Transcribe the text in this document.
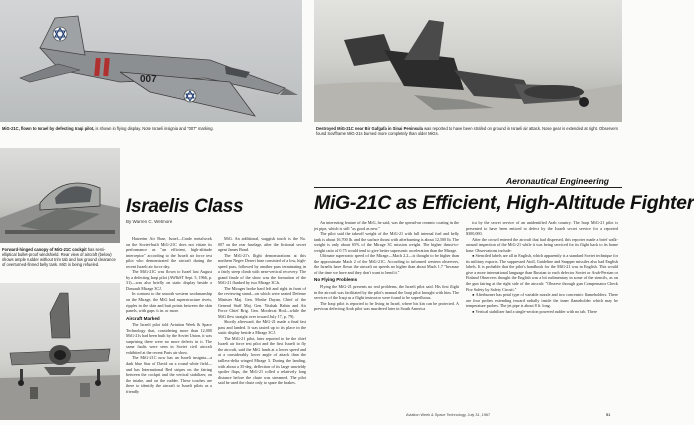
007
MiG-21C, flown to Israel by defecting Iraqi pilot, is shown in flying display. Note Israeli insignia and "007" marking.	Destroyed MiG-21C near Bir Gafgafa in Sinai Peninsula was reported to have been strafed on ground in Israeli air attack. Nose gear is extended at right. Observers found Sovfframe MiG-21s burned more completely than older MiGs.
Israelis Class
By Warren C. Wetmore
Aeronautical Engineering
MiG-21C as Efficient, High-Altitude Fighter
Forward-hinged canopy of MiG-21C cockpit has semi-elliptical bullet-proof windshield. Rear view of aircraft (below) shows ample rudder without trim tab and low ground clearance of overturned-finned belly tank. MiG is being refueled.

Hatzerim Air Base, Israel—Crude metalwork on the Soviet-built MiG-21C does not vitiate its performance as "an efficient, high-altitude interceptor" according to the Israeli air force test pilot who demonstrated the aircraft during the recent Israeli air force day.

The MiG-21C was flown to Israel last August by a defecting Iraqi pilot (AW&ST Sept. 5, 1966, p. 31)—was also briefly on static display beside a Dassault Mirage 3CJ.

In contrast to the smooth western workmanship on the Mirage, the MiG had superstructure rivets, ripples in the skin and butt points between the skin panels, with gaps ¼ in. or more.

Aircraft Marked

The Israeli pilot told Aviation Week & Space Technology that, considering more than 12,000 MiG-21s had been built by the Soviet Union, it was surprising there were no more defects in it. The same faults were seen in Soviet civil aircraft exhibited at the recent Paris air show.

The MiG-21C now has an Israeli insignia—a dark blue Star of David on a round white field—and has International Red stripes on the fairing between the cockpit and the vertical stabilizer, on the intake, and on the rudder. These touches are there to identify the aircraft to Israeli pilots as a friendly

MiG. An additional, waggish touch is the No. 007 on the rear fuselage, after the fictional secret agent James Bond.

The MiG-21's flight demonstrations at this northern Negev Desert base consisted of a low, high-speed pass, followed by another pass terminating in a fairly steep climb with near-vertical recovery. The grand finale of the show was the formation of the MiG-21 flanked by two Mirage 3CJs.

The Mirages broke hard left and right in front of the reviewing stand—on which were seated Defense Minister Maj. Gen. Moshe Dayan, Chief of the General Staff Maj. Gen. Yitzhak Rabin and Air Force Chief Brig. Gen. Mordecai Hod—while the MiG flew straight over toward July 17, p. 79).

Shortly afterward, the MiG-21 made a final fast pass and landed. It was taxied up to its place in the static display beside a Mirage 3CJ.

The MiG-21 pilot, later reported to be the chief Israeli air force test pilot and the first Israeli to fly the aircraft, said the MiG lands at a lower speed and at a considerably lower angle of attack than the tailless-delta winged Mirage 3. During the landing, with about a 35-deg. deflection of its large unwieldy spoiler flaps, the MiG-21 rolled a relatively long distance before the chute was streamed. The pilot said he used the chute only to spare the brakes.

An interesting feature of the MiG, he said, was the spread-on ceramic coating in the jet pipe, which is still "as good as new."

The pilot said the takeoff weight of the MiG-21 with full internal fuel and belly tank is about 16,700 lb. and the surface thrust with afterburning is about 12,500 lb. The weight is only about 65% of the Mirage 3C mission weight. The higher thrust-to-weight ratio of 0.75 would tend to give better supersonic acceleration than the Mirage.

Ultimate supersonic speed of the Mirage—Mach 2.2—is thought to be higher than the approximate Mach 2 of the MiG-21C. According to informed western observers, the Israelis have flown the aircraft on speeds no higher than about Mach 1.7 "because of the time we have and they don't want to bend it."

No Flying Problems

Flying the MiG-21 presents no real problems, the Israeli pilot said. His first flight in the aircraft was facilitated by the pilot's manual the Iraqi pilot brought with him. The services of the Iraqi as a flight instructor were found to be superfluous.

The Iraqi pilot is reported to be living in Israel, where his kin can be protected. A previous defecting Arab pilot was murdered later in South America

ica by the secret service of an unidentified Arab country. The Iraqi MiG-21 pilot is presented to have been enticed to defect by the Israeli secret service for a reported $300,000.

After the crowd entered the aircraft that had dispersed, this reporter made a brief walk-around inspection of the MiG-21 while it was being serviced for its flight back to its home base. Observations include:

● Stenciled labels are all in English, which apparently is a standard Soviet technique for its military exports. The suppressed Atoll, Guideline and Snapper missiles also had English labels. It is probable that the pilot's handbook for the MiG-21 was in English. This would give a more international language than Russian to each defector Soviet or Arab-Persian or Finland Observers thought the English was a bit rudimentary in some of the stencils, as on the gun fairing at the right side of the aircraft: "Observe through gun Compensator Check Fire Safety by Safety Circuit."

● Afterburner has petal type of variable nozzle and two concentric flameholders. There are four probes extending inward radially inside the inner flameholder which may be temperature probes. The jet pipe is about 8 ft. long.

● Vertical stabilizer had a single-section powered rudder with no tab. There

Aviation Week & Space Technology, July 31, 1967	51
